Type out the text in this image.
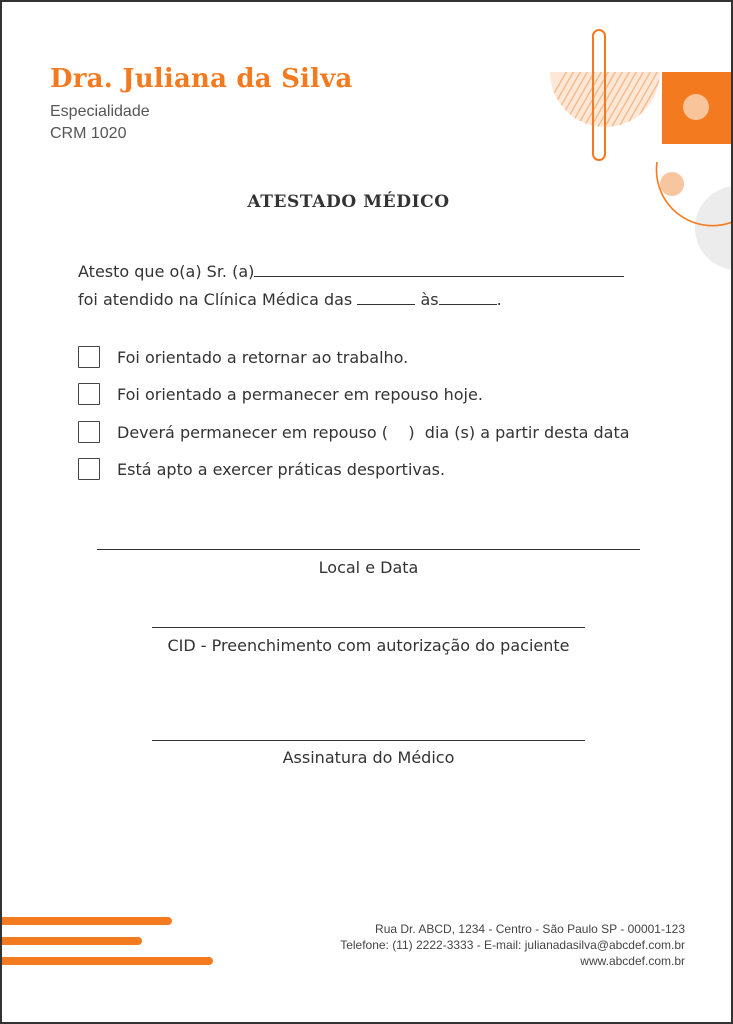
Dra. Juliana da Silva
Especialidade
CRM 1020
ATESTADO MÉDICO
Atesto que o(a) Sr. (a)
foi atendido na Clínica Médica das	às	.
Foi orientado a retornar ao trabalho.
Foi orientado a permanecer em repouso hoje.
Deverá permanecer em repouso (    )  dia (s) a partir desta data
Está apto a exercer práticas desportivas.
Local e Data
CID - Preenchimento com autorização do paciente
Assinatura do Médico
Rua Dr. ABCD, 1234 - Centro - São Paulo SP - 00001-123
Telefone: (11) 2222-3333 - E-mail: julianadasilva@abcdef.com.br
www.abcdef.com.br
